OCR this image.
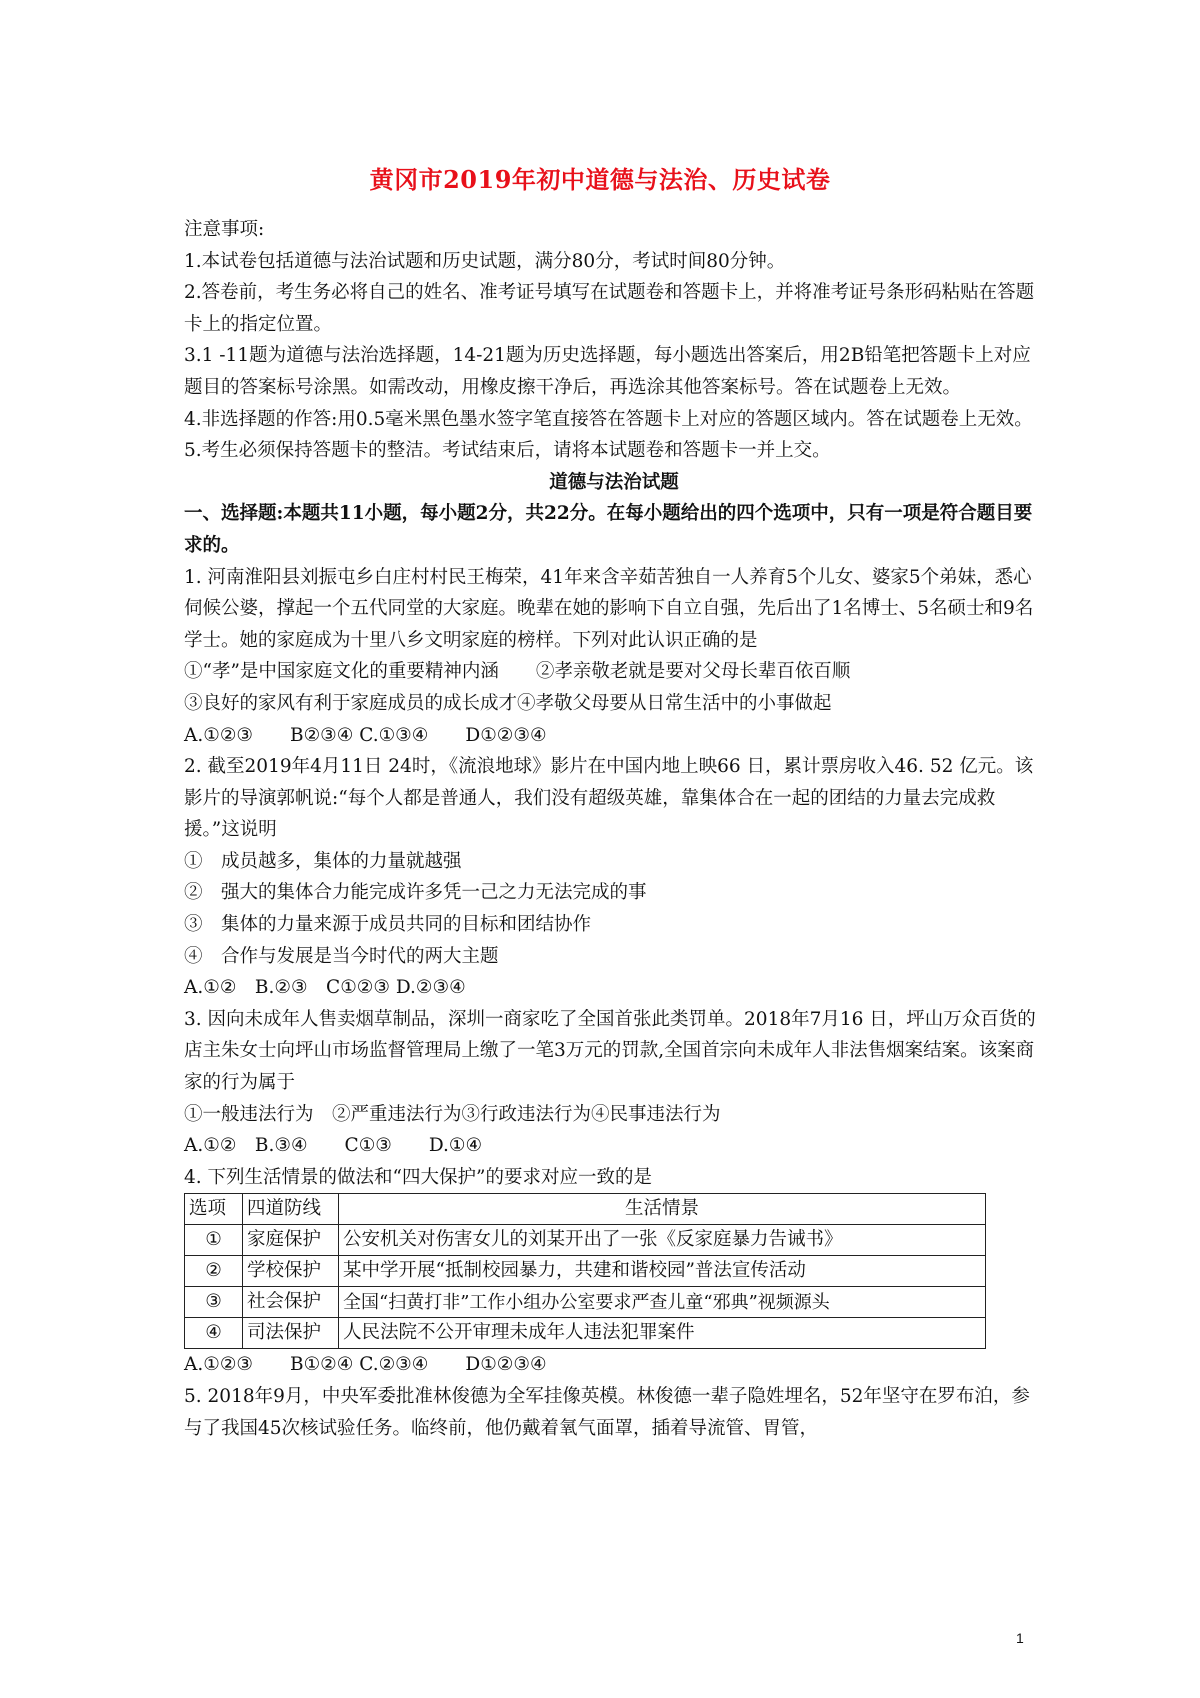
黄冈市2019年初中道德与法治、历史试卷

注意事项:

1.本试卷包括道德与法治试题和历史试题，满分80分，考试时间80分钟。

2.答卷前，考生务必将自己的姓名、准考证号填写在试题卷和答题卡上，并将准考证号条形码粘贴在答题卡上的指定位置。

3.1 -11题为道德与法治选择题，14-21题为历史选择题，每小题选出答案后，用2B铅笔把答题卡上对应题目的答案标号涂黑。如需改动，用橡皮擦干净后，再选涂其他答案标号。答在试题卷上无效。

4.非选择题的作答:用0.5毫米黑色墨水签字笔直接答在答题卡上对应的答题区域内。答在试题卷上无效。

5.考生必须保持答题卡的整洁。考试结束后，请将本试题卷和答题卡一并上交。

道德与法治试题

一、选择题:本题共11小题，每小题2分，共22分。在每小题给出的四个选项中，只有一项是符合题目要求的。

1. 河南淮阳县刘振屯乡白庄村村民王梅荣，41年来含辛茹苦独自一人养育5个儿女、婆家5个弟妹，悉心伺候公婆，撑起一个五代同堂的大家庭。晚辈在她的影响下自立自强，先后出了1名博士、5名硕士和9名学士。她的家庭成为十里八乡文明家庭的榜样。下列对此认识正确的是

①“孝”是中国家庭文化的重要精神内涵　　②孝亲敬老就是要对父母长辈百依百顺

③良好的家风有利于家庭成员的成长成才④孝敬父母要从日常生活中的小事做起

A.①②③　　B②③④ C.①③④　　D①②③④

2. 截至2019年4月11日 24时，《流浪地球》影片在中国内地上映66 日，累计票房收入46. 52 亿元。该影片的导演郭帆说:“每个人都是普通人，我们没有超级英雄，靠集体合在一起的团结的力量去完成救援。”这说明

①　成员越多，集体的力量就越强

②　强大的集体合力能完成许多凭一己之力无法完成的事

③　集体的力量来源于成员共同的目标和团结协作

④　合作与发展是当今时代的两大主题

A.①②　B.②③　C①②③ D.②③④

3. 因向未成年人售卖烟草制品，深圳一商家吃了全国首张此类罚单。2018年7月16 日，坪山万众百货的店主朱女士向坪山市场监督管理局上缴了一笔3万元的罚款,全国首宗向未成年人非法售烟案结案。该案商家的行为属于

①一般违法行为　②严重违法行为③行政违法行为④民事违法行为

A.①②　B.③④　　C①③　　D.①④

4. 下列生活情景的做法和“四大保护”的要求对应一致的是

选项	四道防线	生活情景
①	家庭保护	公安机关对伤害女儿的刘某开出了一张《反家庭暴力告诫书》
②	学校保护	某中学开展“抵制校园暴力，共建和谐校园”普法宣传活动
③	社会保护	全国“扫黄打非”工作小组办公室要求严查儿童“邪典”视频源头
④	司法保护	人民法院不公开审理未成年人违法犯罪案件

A.①②③　　B①②④ C.②③④　　D①②③④

5. 2018年9月，中央军委批准林俊德为全军挂像英模。林俊德一辈子隐姓埋名，52年坚守在罗布泊，参与了我国45次核试验任务。临终前，他仍戴着氧气面罩，插着导流管、胃管，

1
